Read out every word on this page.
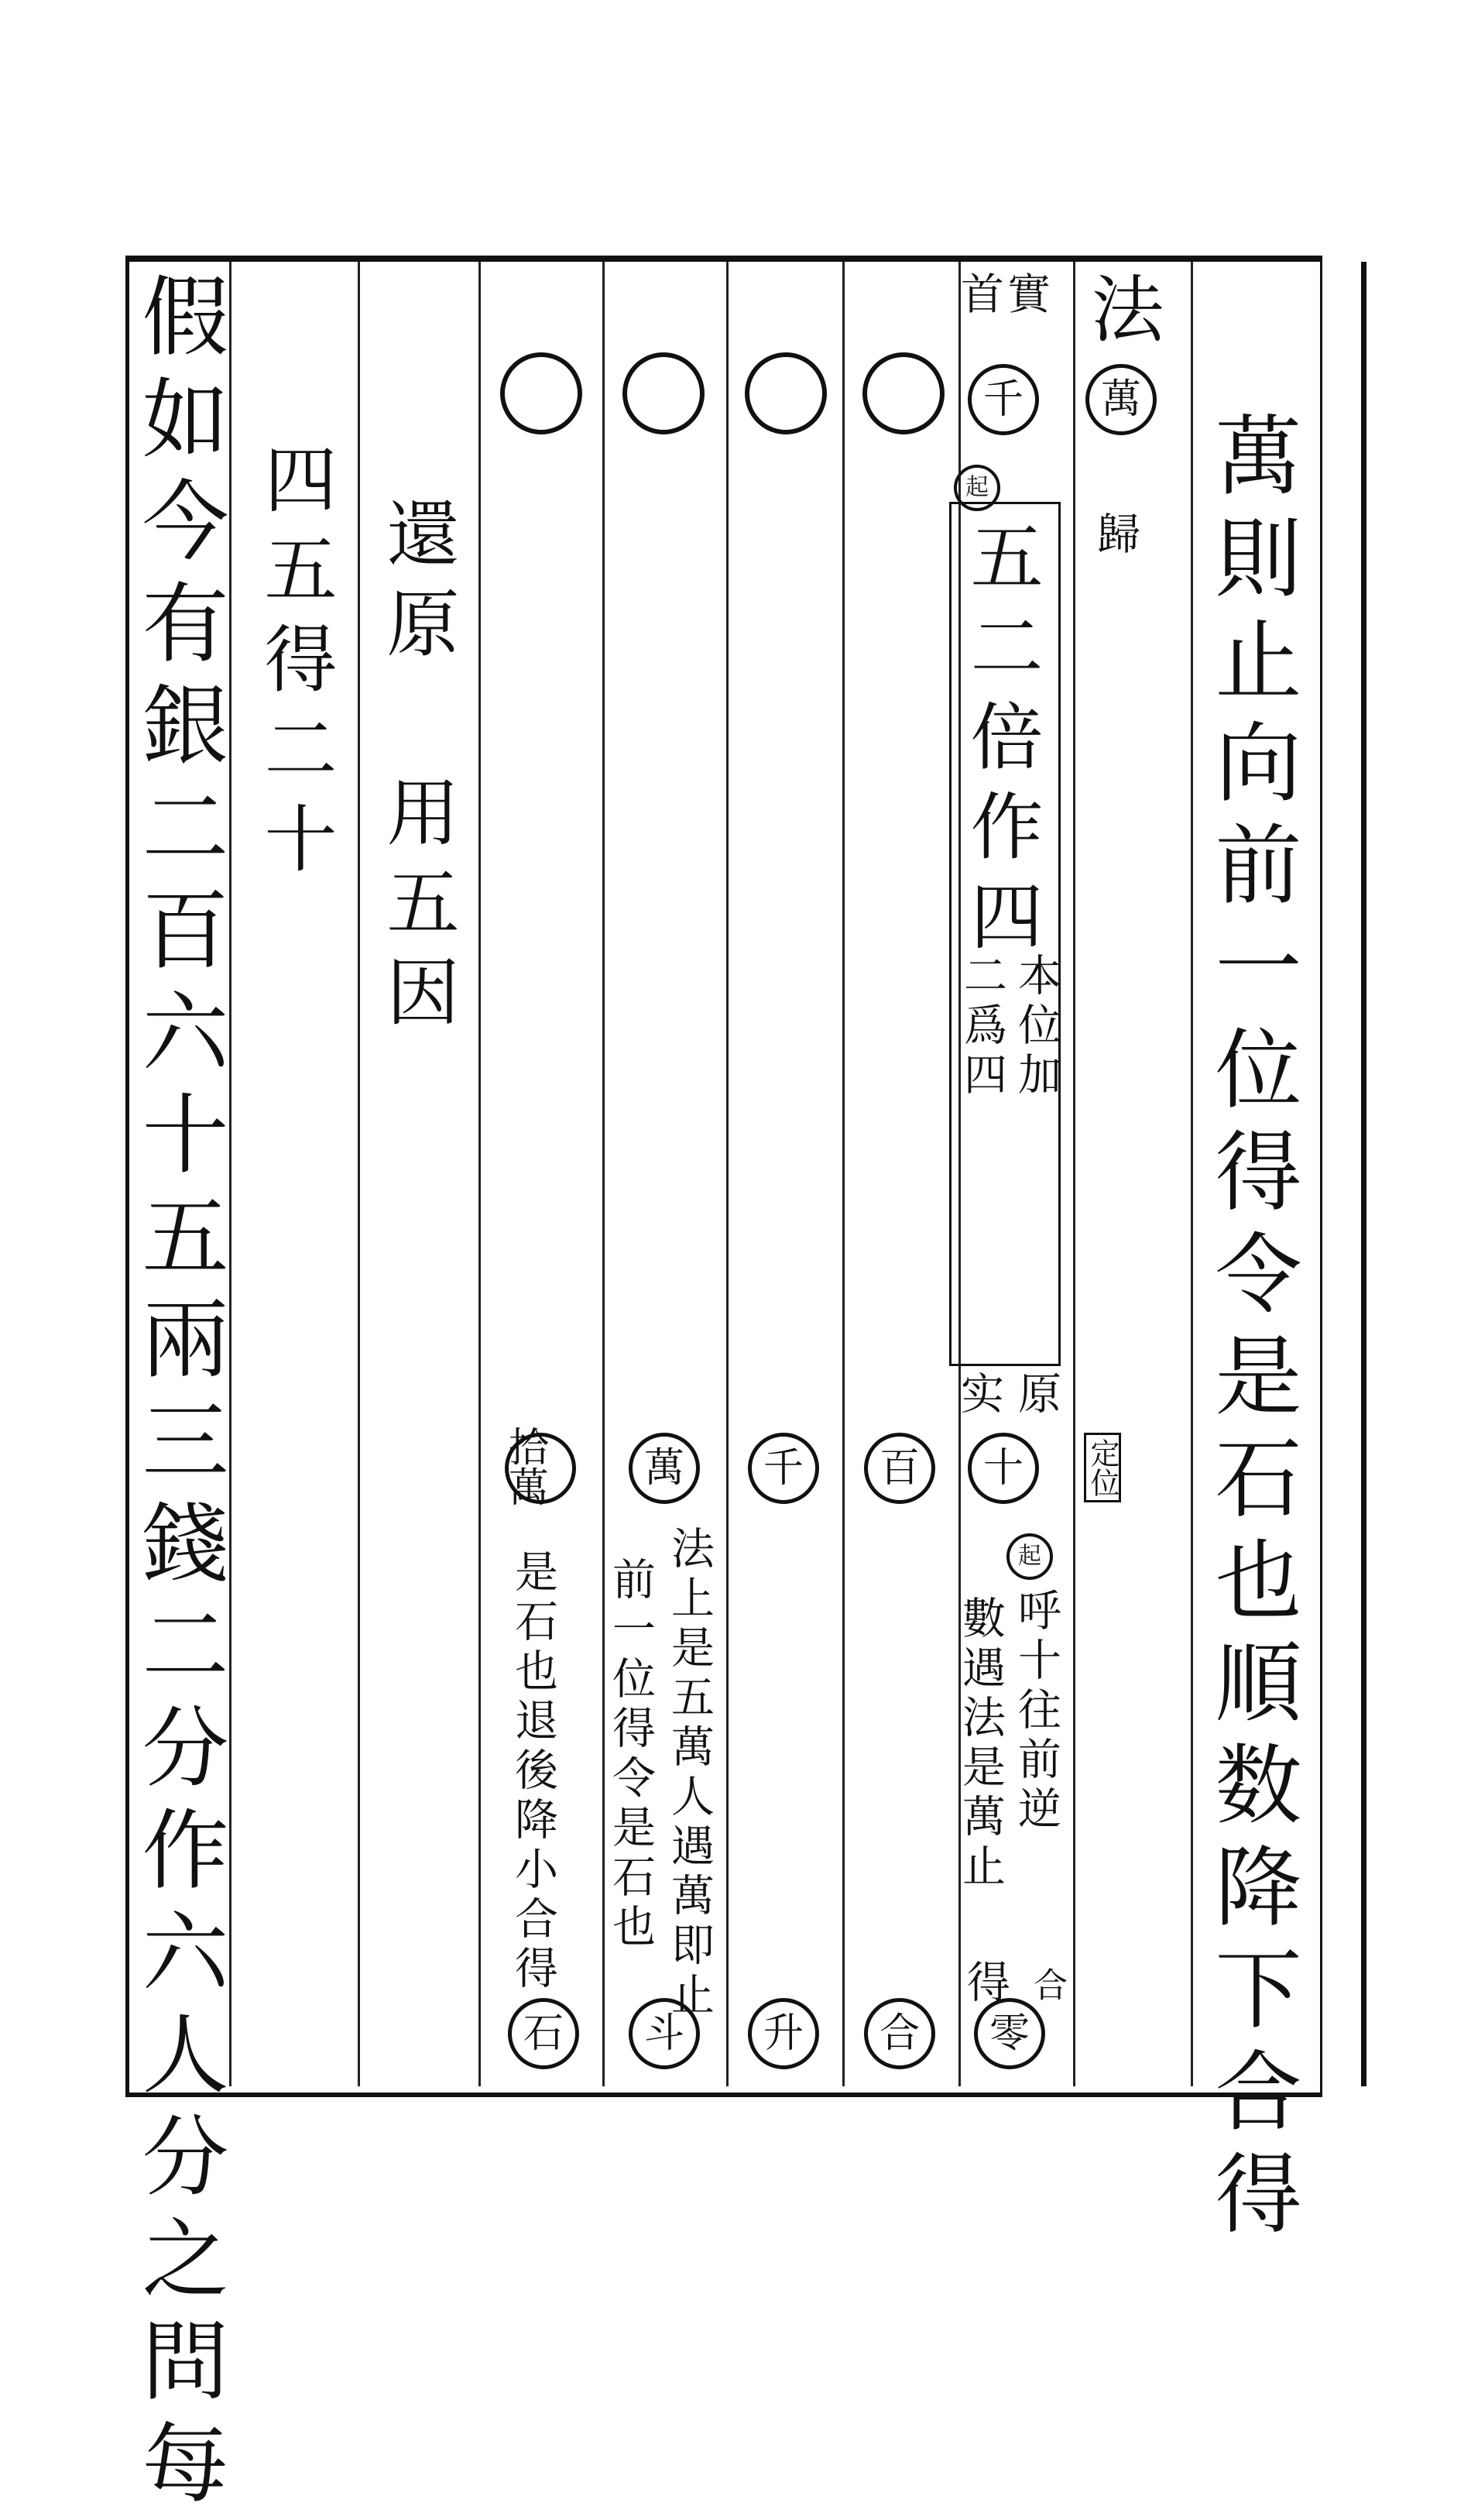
萬則止向前一位得令是石也順数降下合得
法
萬
歸
實
首
千
起
五二倍作四
本位加
二爲四
原
实
定位
十
百
千
萬
拾萬
起
呼十往前逆
數遇法是萬止
合
得
法上是五萬人遇萬即止
前一位得令是石也
是石也退後降小合得
零
合
升
斗
石
還原
用五因
四五得二十
假如今有銀二百六十五兩三錢二分作六人分之問每
